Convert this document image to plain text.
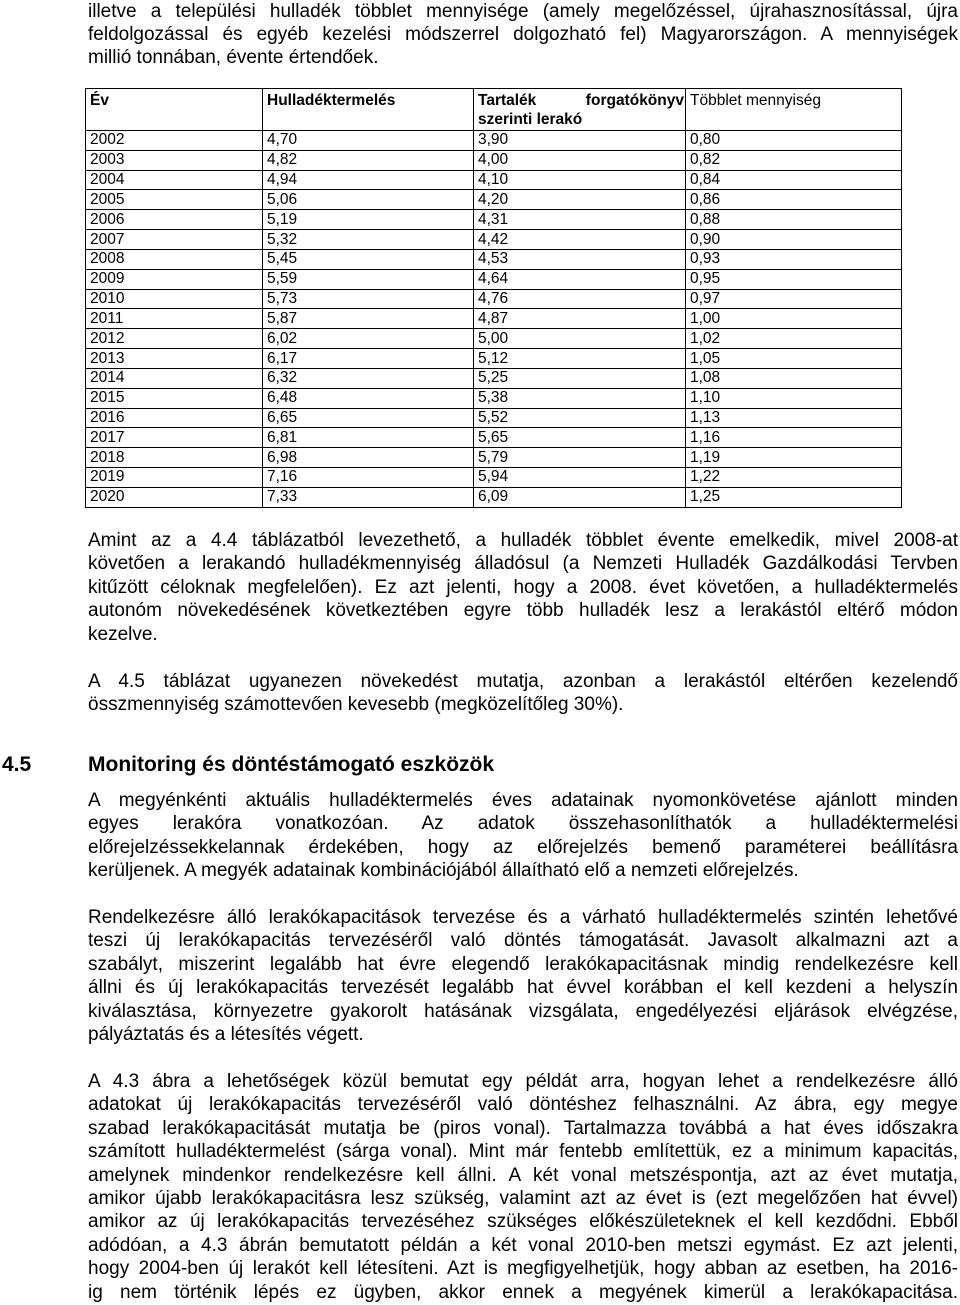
illetve a települési hulladék többlet mennyisége (amely megelőzéssel, újrahasznosítással, újra
feldolgozással és egyéb kezelési módszerrel dolgozható fel) Magyarországon. A mennyiségek
millió tonnában, évente értendőek.
Év	Hulladéktermelés	Tartalék forgatókönyv szerinti lerakó	Többlet mennyiség
2002	4,70	3,90	0,80
2003	4,82	4,00	0,82
2004	4,94	4,10	0,84
2005	5,06	4,20	0,86
2006	5,19	4,31	0,88
2007	5,32	4,42	0,90
2008	5,45	4,53	0,93
2009	5,59	4,64	0,95
2010	5,73	4,76	0,97
2011	5,87	4,87	1,00
2012	6,02	5,00	1,02
2013	6,17	5,12	1,05
2014	6,32	5,25	1,08
2015	6,48	5,38	1,10
2016	6,65	5,52	1,13
2017	6,81	5,65	1,16
2018	6,98	5,79	1,19
2019	7,16	5,94	1,22
2020	7,33	6,09	1,25
Amint az a 4.4 táblázatból levezethető, a hulladék többlet évente emelkedik, mivel 2008-at
követően a lerakandó hulladékmennyiség álladósul (a Nemzeti Hulladék Gazdálkodási Tervben
kitűzött céloknak megfelelően). Ez azt jelenti, hogy a 2008. évet követően, a hulladéktermelés
autonóm növekedésének következtében egyre több hulladék lesz a lerakástól eltérő módon
kezelve.
A 4.5 táblázat ugyanezen növekedést mutatja, azonban a lerakástól eltérően kezelendő
összmennyiség számottevően kevesebb (megközelítőleg 30%).
4.5	Monitoring és döntéstámogató eszközök
A megyénkénti aktuális hulladéktermelés éves adatainak nyomonkövetése ajánlott minden
egyes lerakóra vonatkozóan. Az adatok összehasonlíthatók a hulladéktermelési
előrejelzéssekkelannak érdekében, hogy az előrejelzés bemenő paraméterei beállításra
kerüljenek. A megyék adatainak kombinációjából állaítható elő a nemzeti előrejelzés.
Rendelkezésre álló lerakókapacitások tervezése és a várható hulladéktermelés szintén lehetővé
teszi új lerakókapacitás tervezéséről való döntés támogatását. Javasolt alkalmazni azt a
szabályt, miszerint legalább hat évre elegendő lerakókapacitásnak mindig rendelkezésre kell
állni és új lerakókapacitás tervezését legalább hat évvel korábban el kell kezdeni a helyszín
kiválasztása, környezetre gyakorolt hatásának vizsgálata, engedélyezési eljárások elvégzése,
pályáztatás és a létesítés végett.
A 4.3 ábra a lehetőségek közül bemutat egy példát arra, hogyan lehet a rendelkezésre álló
adatokat új lerakókapacitás tervezéséről való döntéshez felhasználni. Az ábra, egy megye
szabad lerakókapacitását mutatja be (piros vonal). Tartalmazza továbbá a hat éves időszakra
számított hulladéktermelést (sárga vonal). Mint már fentebb említettük, ez a minimum kapacitás,
amelynek mindenkor rendelkezésre kell állni. A két vonal metszéspontja, azt az évet mutatja,
amikor újabb lerakókapacitásra lesz szükség, valamint azt az évet is (ezt megelőzően hat évvel)
amikor az új lerakókapacitás tervezéséhez szükséges előkészületeknek el kell kezdődni. Ebből
adódóan, a 4.3 ábrán bemutatott példán a két vonal 2010-ben metszi egymást. Ez azt jelenti,
hogy 2004-ben új lerakót kell létesíteni. Azt is megfigyelhetjük, hogy abban az esetben, ha 2016-
ig nem történik lépés ez ügyben, akkor ennek a megyének kimerül a lerakókapacitása.
